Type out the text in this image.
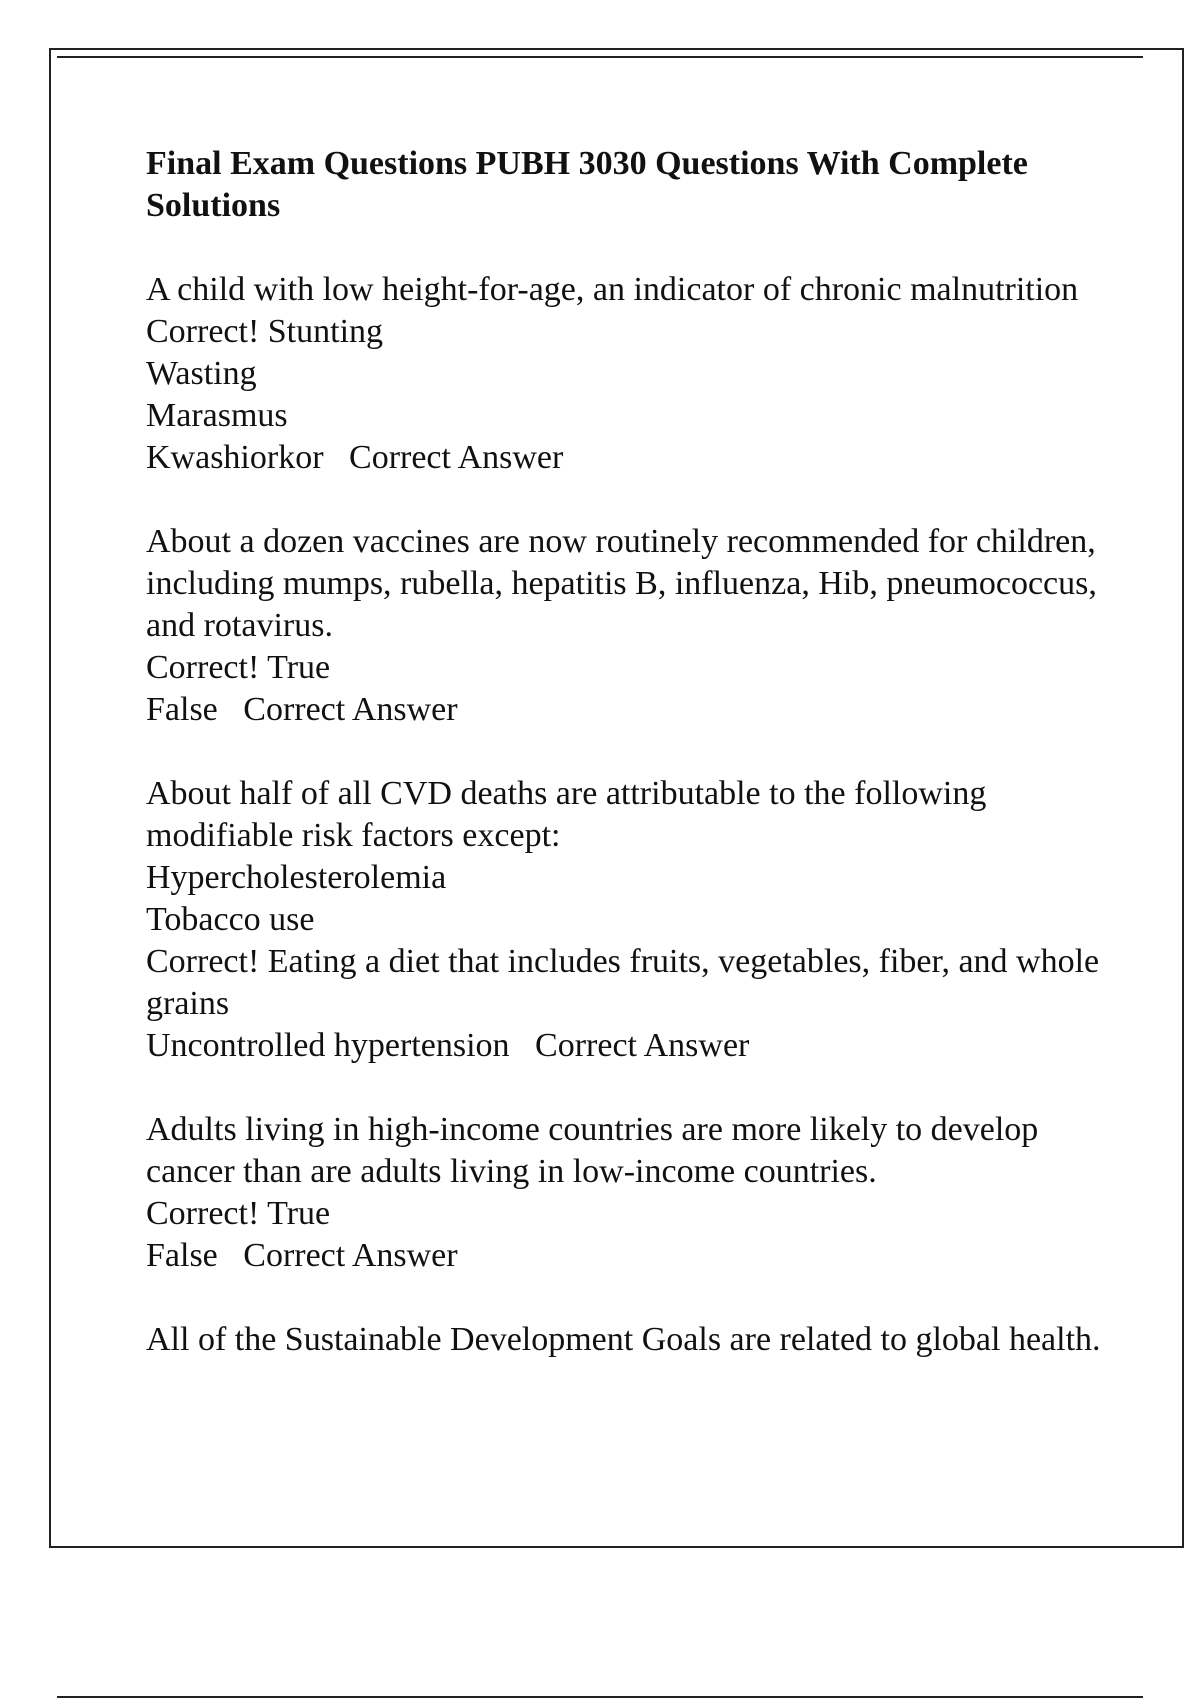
Final Exam Questions PUBH 3030 Questions With Complete Solutions

A child with low height-for-age, an indicator of chronic malnutrition

Correct! Stunting

Wasting

Marasmus

Kwashiorkor   Correct Answer

About a dozen vaccines are now routinely recommended for children, including mumps, rubella, hepatitis B, influenza, Hib, pneumococcus, and rotavirus.

Correct! True

False   Correct Answer

About half of all CVD deaths are attributable to the following modifiable risk factors except:

Hypercholesterolemia

Tobacco use

Correct! Eating a diet that includes fruits, vegetables, fiber, and whole grains

Uncontrolled hypertension   Correct Answer

Adults living in high-income countries are more likely to develop cancer than are adults living in low-income countries.

Correct! True

False   Correct Answer

All of the Sustainable Development Goals are related to global health.
